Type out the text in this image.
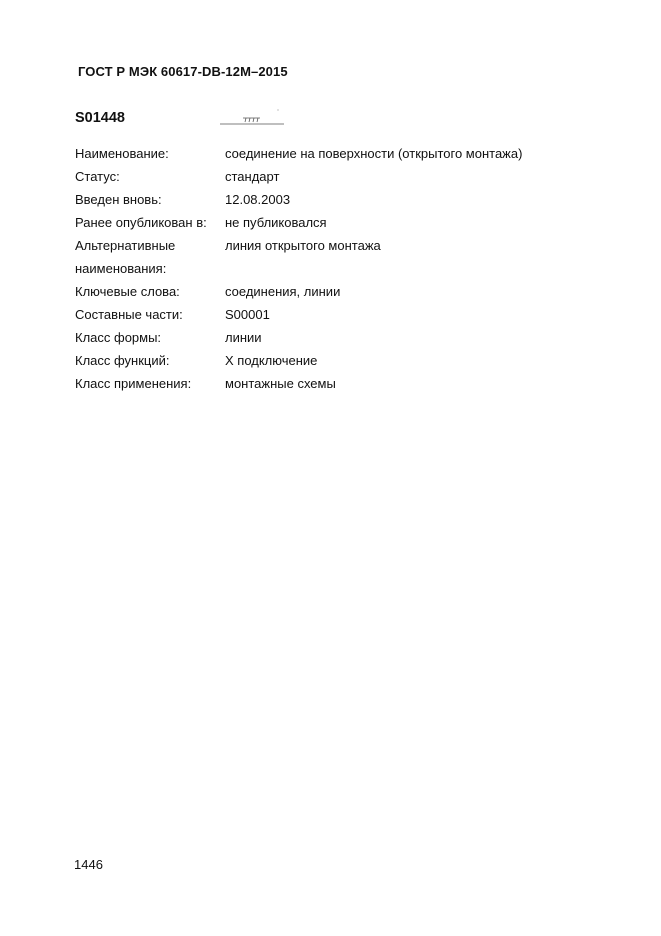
ГОСТ Р МЭК 60617-DB-12M–2015
S01448
Наименование:	соединение на поверхности (открытого монтажа)
Статус:	стандарт
Введен вновь:	12.08.2003
Ранее опубликован в:	не публиковался
Альтернативные наименования:
линия открытого монтажа
Ключевые слова:	соединения, линии
Составные части:	S00001
Класс формы:	линии
Класс функций:	X подключение
Класс применения:	монтажные схемы
1446
